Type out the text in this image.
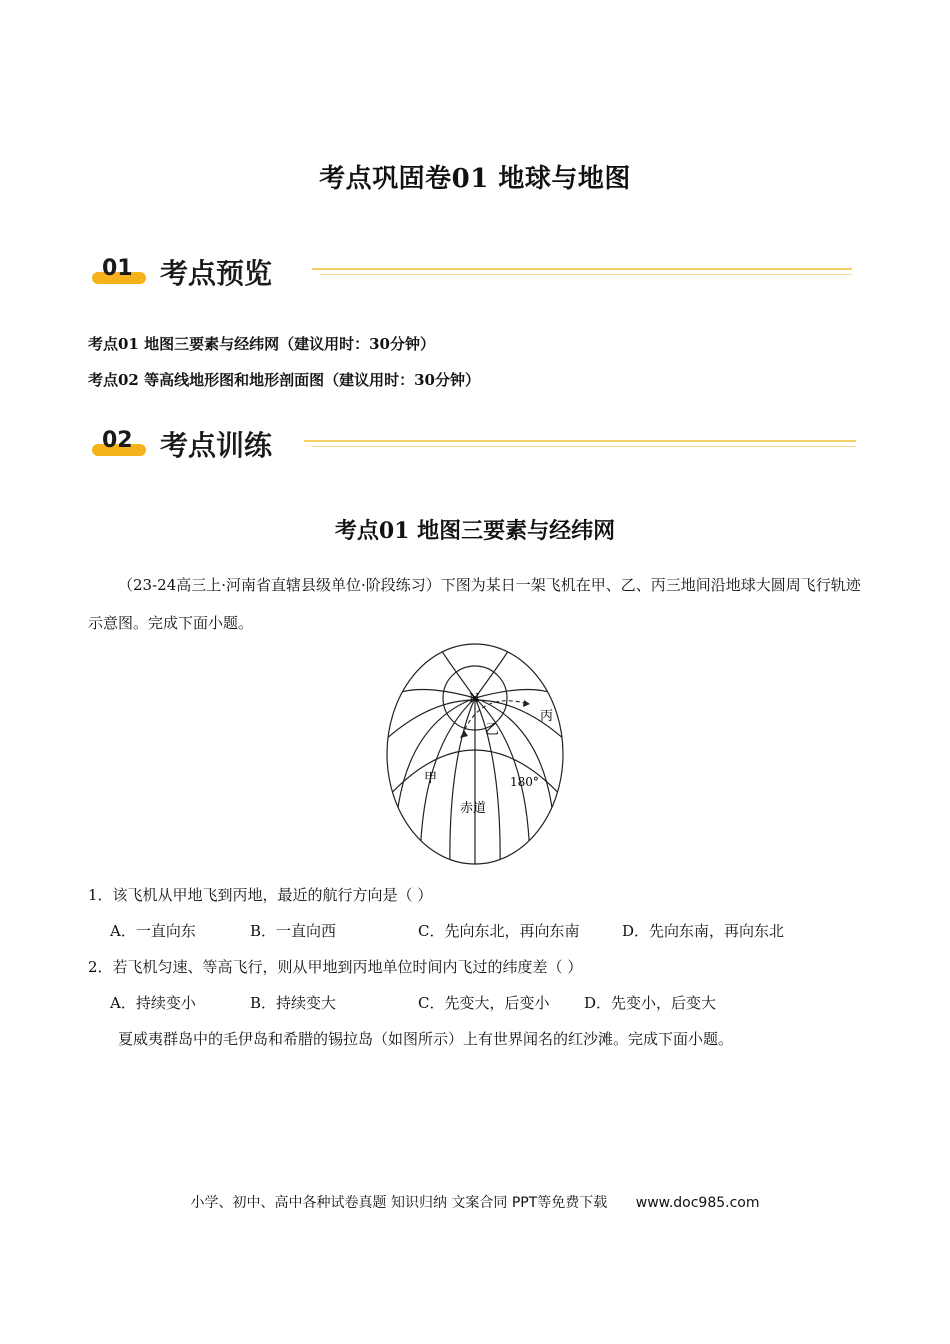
考点巩固卷01 地球与地图
01 考点预览
考点01 地图三要素与经纬网（建议用时：30分钟）
考点02 等高线地形图和地形剖面图（建议用时：30分钟）
02 考点训练
考点01 地图三要素与经纬网
（23-24高三上·河南省直辖县级单位·阶段练习）下图为某日一架飞机在甲、乙、丙三地间沿地球大圆周飞行轨迹示意图。完成下面小题。
N
乙
丙
甲	180°
赤道
1．该飞机从甲地飞到丙地，最近的航行方向是（ ）
A．一直向东	B．一直向西	C．先向东北，再向东南	D．先向东南，再向东北
2．若飞机匀速、等高飞行，则从甲地到丙地单位时间内飞过的纬度差（ ）
A．持续变小	B．持续变大	C．先变大，后变小 D．先变小，后变大
夏威夷群岛中的毛伊岛和希腊的锡拉岛（如图所示）上有世界闻名的红沙滩。完成下面小题。
小学、初中、高中各种试卷真题 知识归纳 文案合同 PPT等免费下载 www.doc985.com
